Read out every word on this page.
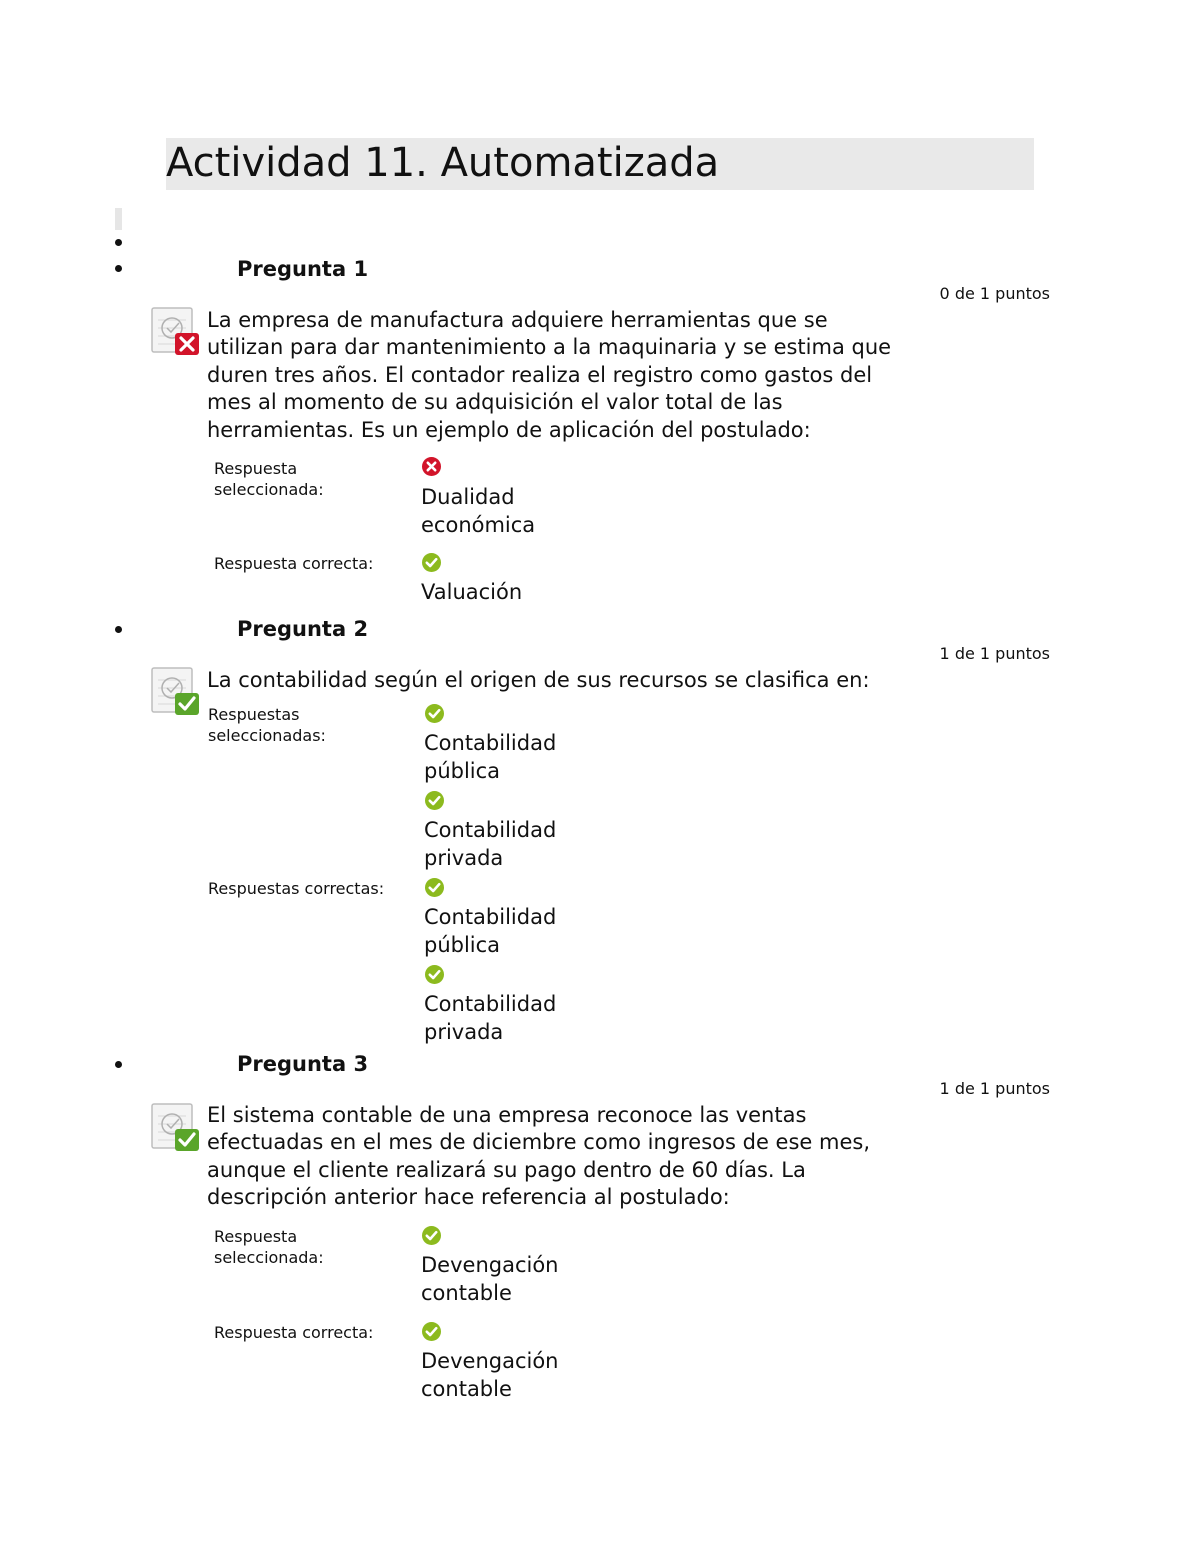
Actividad 11. Automatizada
Pregunta 1
0 de 1 puntos
La empresa de manufactura adquiere herramientas que se
utilizan para dar mantenimiento a la maquinaria y se estima que
duren tres años. El contador realiza el registro como gastos del
mes al momento de su adquisición el valor total de las
herramientas. Es un ejemplo de aplicación del postulado:
Respuesta
seleccionada:	Dualidad
económica
Respuesta correcta:
Valuación
Pregunta 2
1 de 1 puntos
La contabilidad según el origen de sus recursos se clasifica en:
Respuestas
seleccionadas:	Contabilidad
pública
Contabilidad
privada
Respuestas correctas:
Contabilidad
pública
Contabilidad
privada
Pregunta 3
1 de 1 puntos
El sistema contable de una empresa reconoce las ventas
efectuadas en el mes de diciembre como ingresos de ese mes,
aunque el cliente realizará su pago dentro de 60 días. La
descripción anterior hace referencia al postulado:
Respuesta
seleccionada:	Devengación
contable
Respuesta correcta:
Devengación
contable
